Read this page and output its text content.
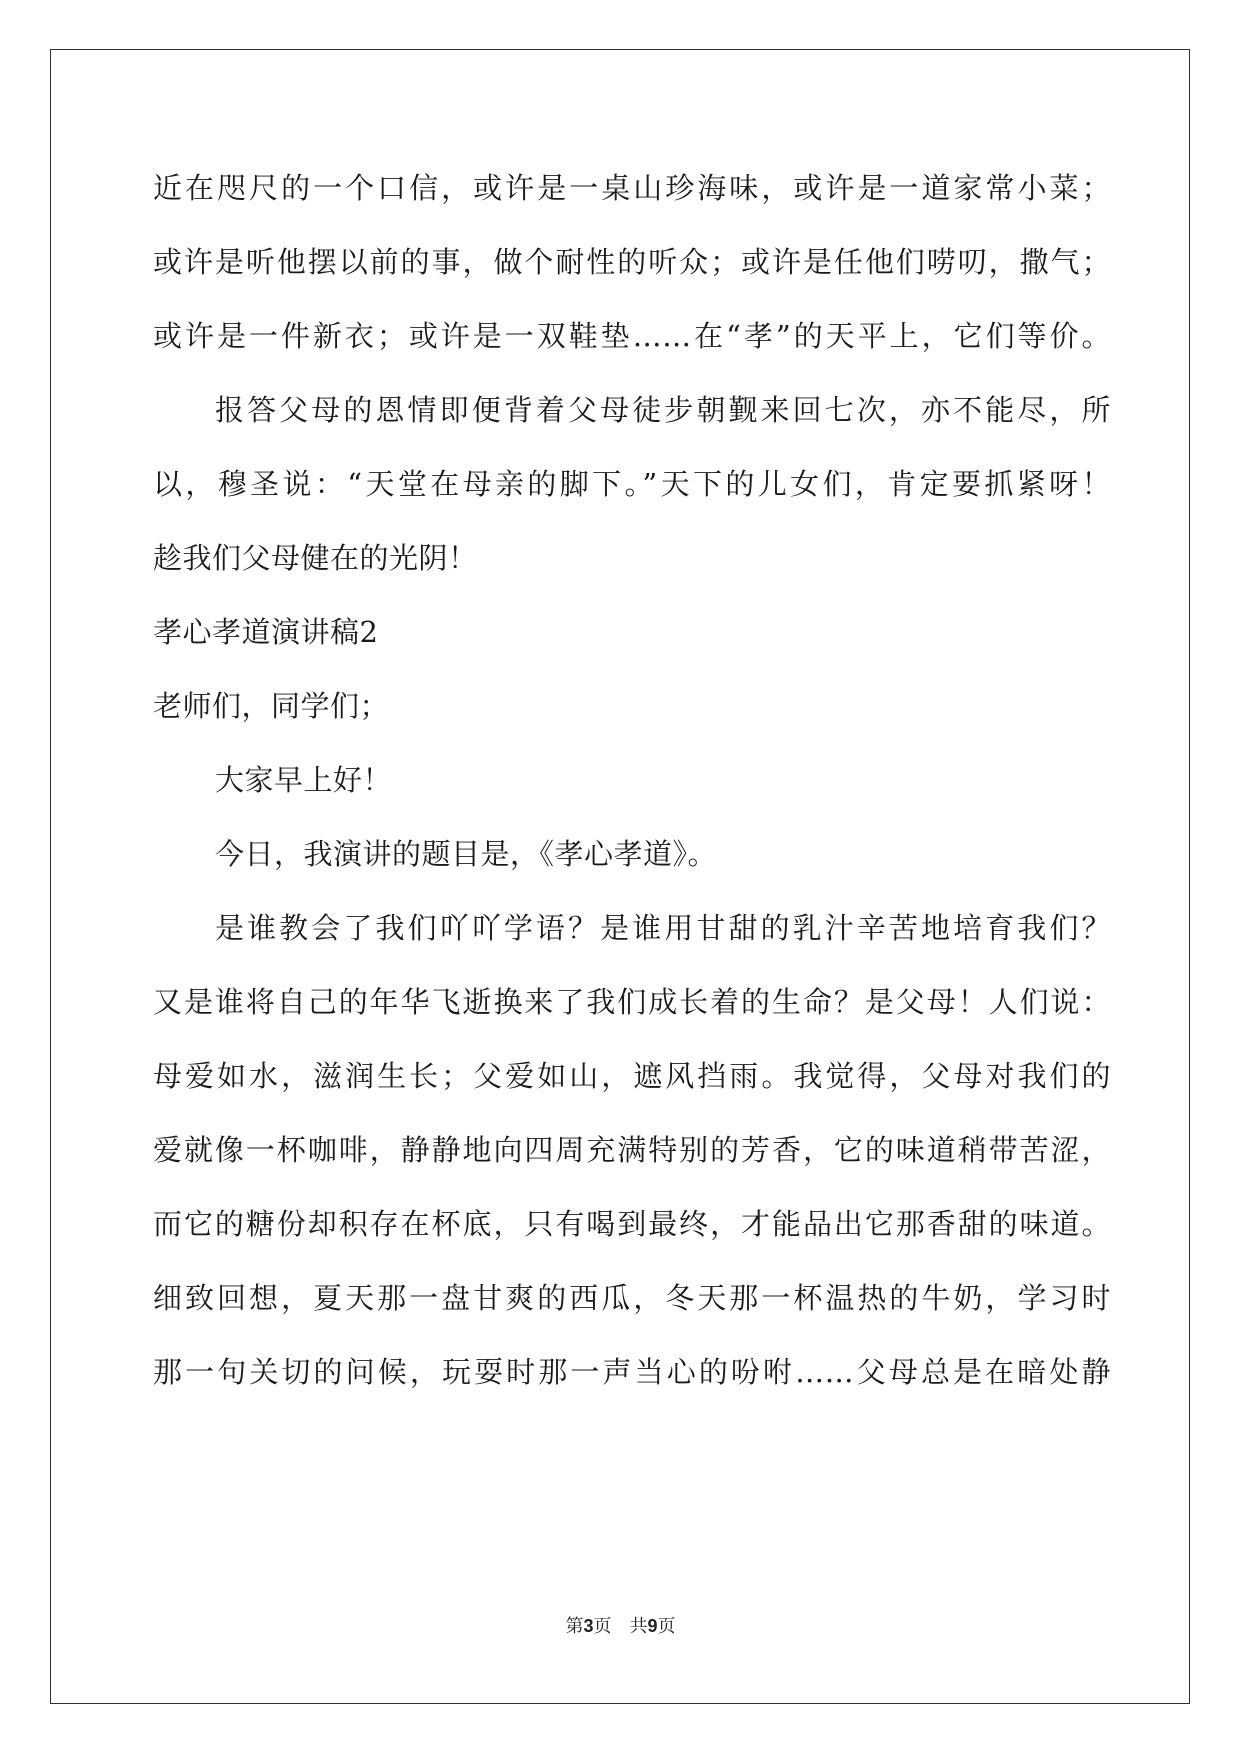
近在咫尺的一个口信，或许是一桌山珍海味，或许是一道家常小菜；
或许是听他摆以前的事，做个耐性的听众；或许是任他们唠叨，撒气；
或许是一件新衣；或许是一双鞋垫……在“孝”的天平上，它们等价。
报答父母的恩情即便背着父母徒步朝觐来回七次，亦不能尽，所
以，穆圣说：“天堂在母亲的脚下。”天下的儿女们，肯定要抓紧呀！
趁我们父母健在的光阴！
孝心孝道演讲稿2
老师们，同学们；
大家早上好！
今日，我演讲的题目是，《孝心孝道》。
是谁教会了我们吖吖学语？是谁用甘甜的乳汁辛苦地培育我们？
又是谁将自己的年华飞逝换来了我们成长着的生命？是父母！人们说：
母爱如水，滋润生长；父爱如山，遮风挡雨。我觉得，父母对我们的
爱就像一杯咖啡，静静地向四周充满特别的芳香，它的味道稍带苦涩，
而它的糖份却积存在杯底，只有喝到最终，才能品出它那香甜的味道。
细致回想，夏天那一盘甘爽的西瓜，冬天那一杯温热的牛奶，学习时
那一句关切的问候，玩耍时那一声当心的吩咐……父母总是在暗处静
第3页　共9页
